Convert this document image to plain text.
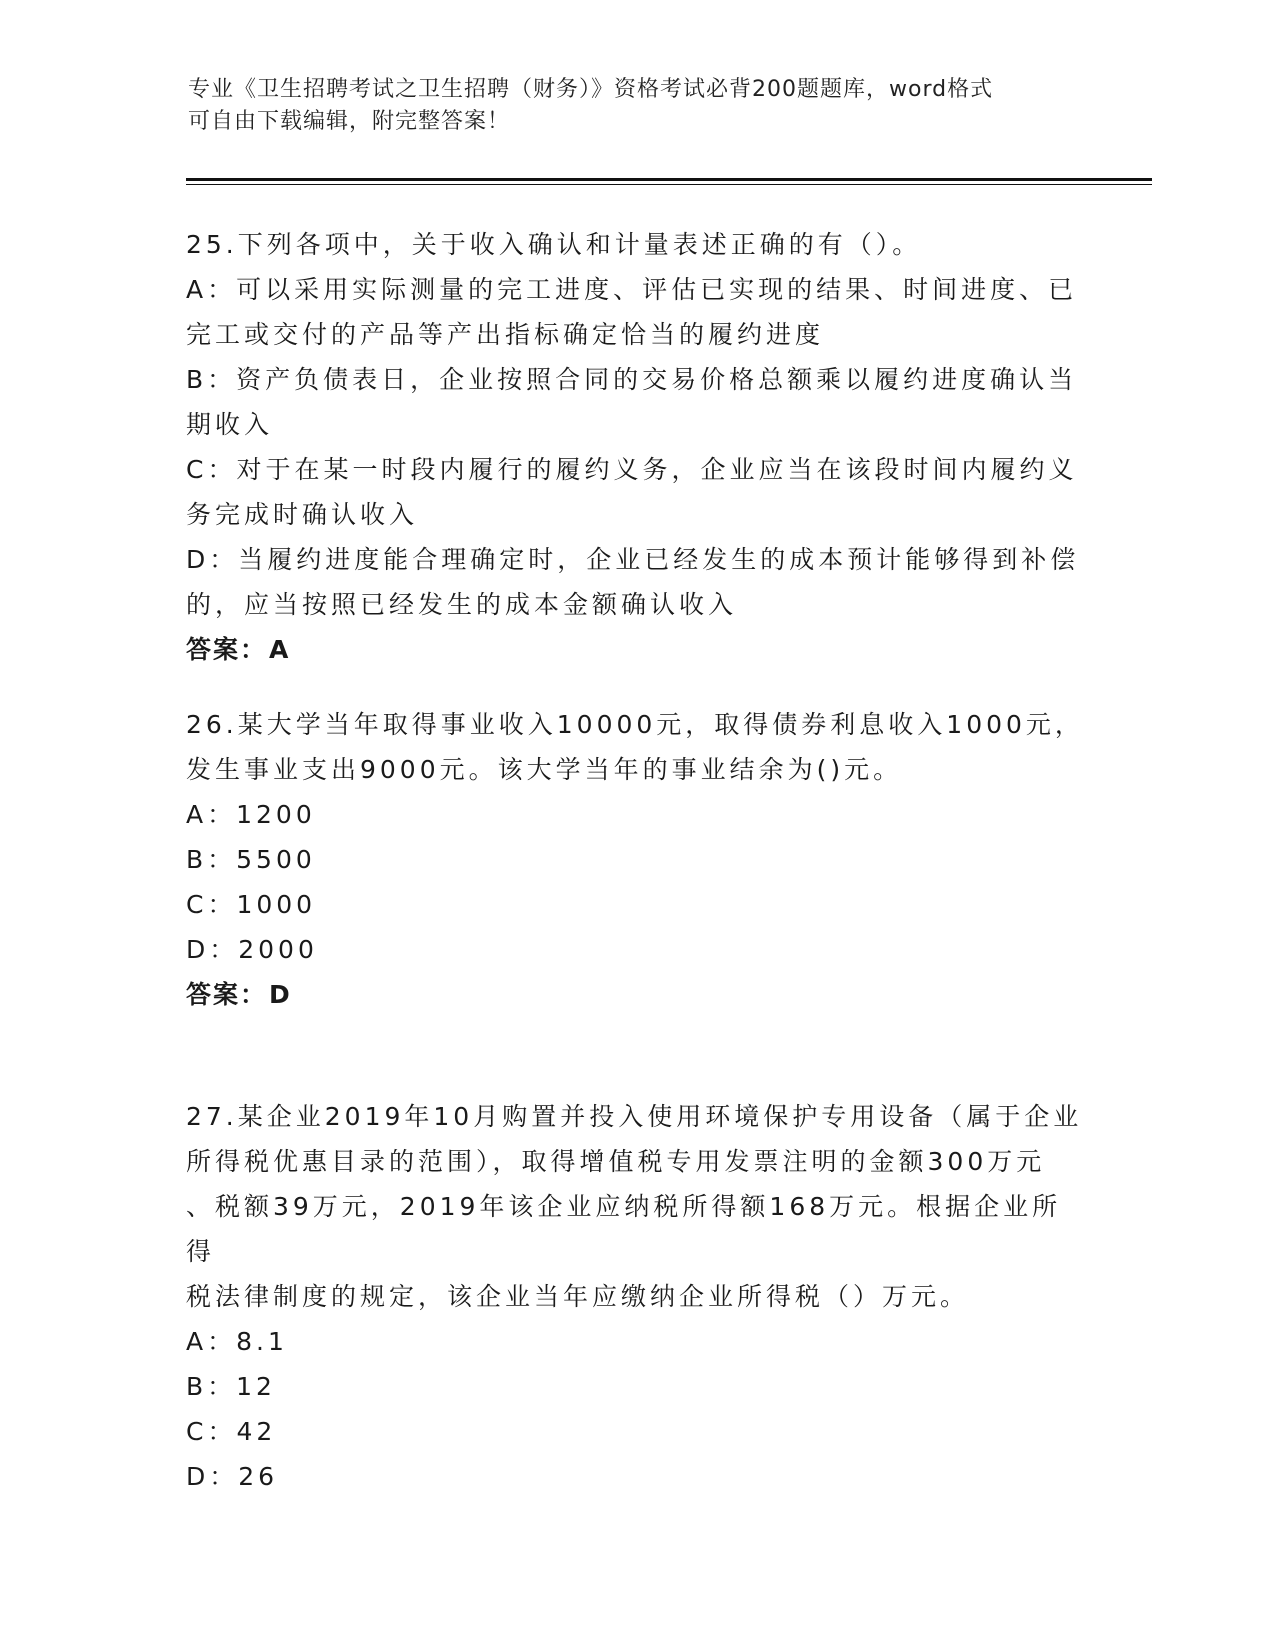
专业《卫生招聘考试之卫生招聘（财务）》资格考试必背200题题库，word格式
可自由下载编辑，附完整答案！

25.下列各项中，关于收入确认和计量表述正确的有（）。

A：可以采用实际测量的完工进度、评估已实现的结果、时间进度、已

完工或交付的产品等产出指标确定恰当的履约进度

B：资产负债表日，企业按照合同的交易价格总额乘以履约进度确认当

期收入

C：对于在某一时段内履行的履约义务，企业应当在该段时间内履约义

务完成时确认收入

D：当履约进度能合理确定时，企业已经发生的成本预计能够得到补偿

的，应当按照已经发生的成本金额确认收入

答案：A

26.某大学当年取得事业收入10000元，取得债券利息收入1000元，

发生事业支出9000元。该大学当年的事业结余为()元。

A：1200

B：5500

C：1000

D：2000

答案：D

27.某企业2019年10月购置并投入使用环境保护专用设备（属于企业

所得税优惠目录的范围），取得增值税专用发票注明的金额300万元

、税额39万元，2019年该企业应纳税所得额168万元。根据企业所得

税法律制度的规定，该企业当年应缴纳企业所得税（）万元。

A：8.1

B：12

C：42

D：26
